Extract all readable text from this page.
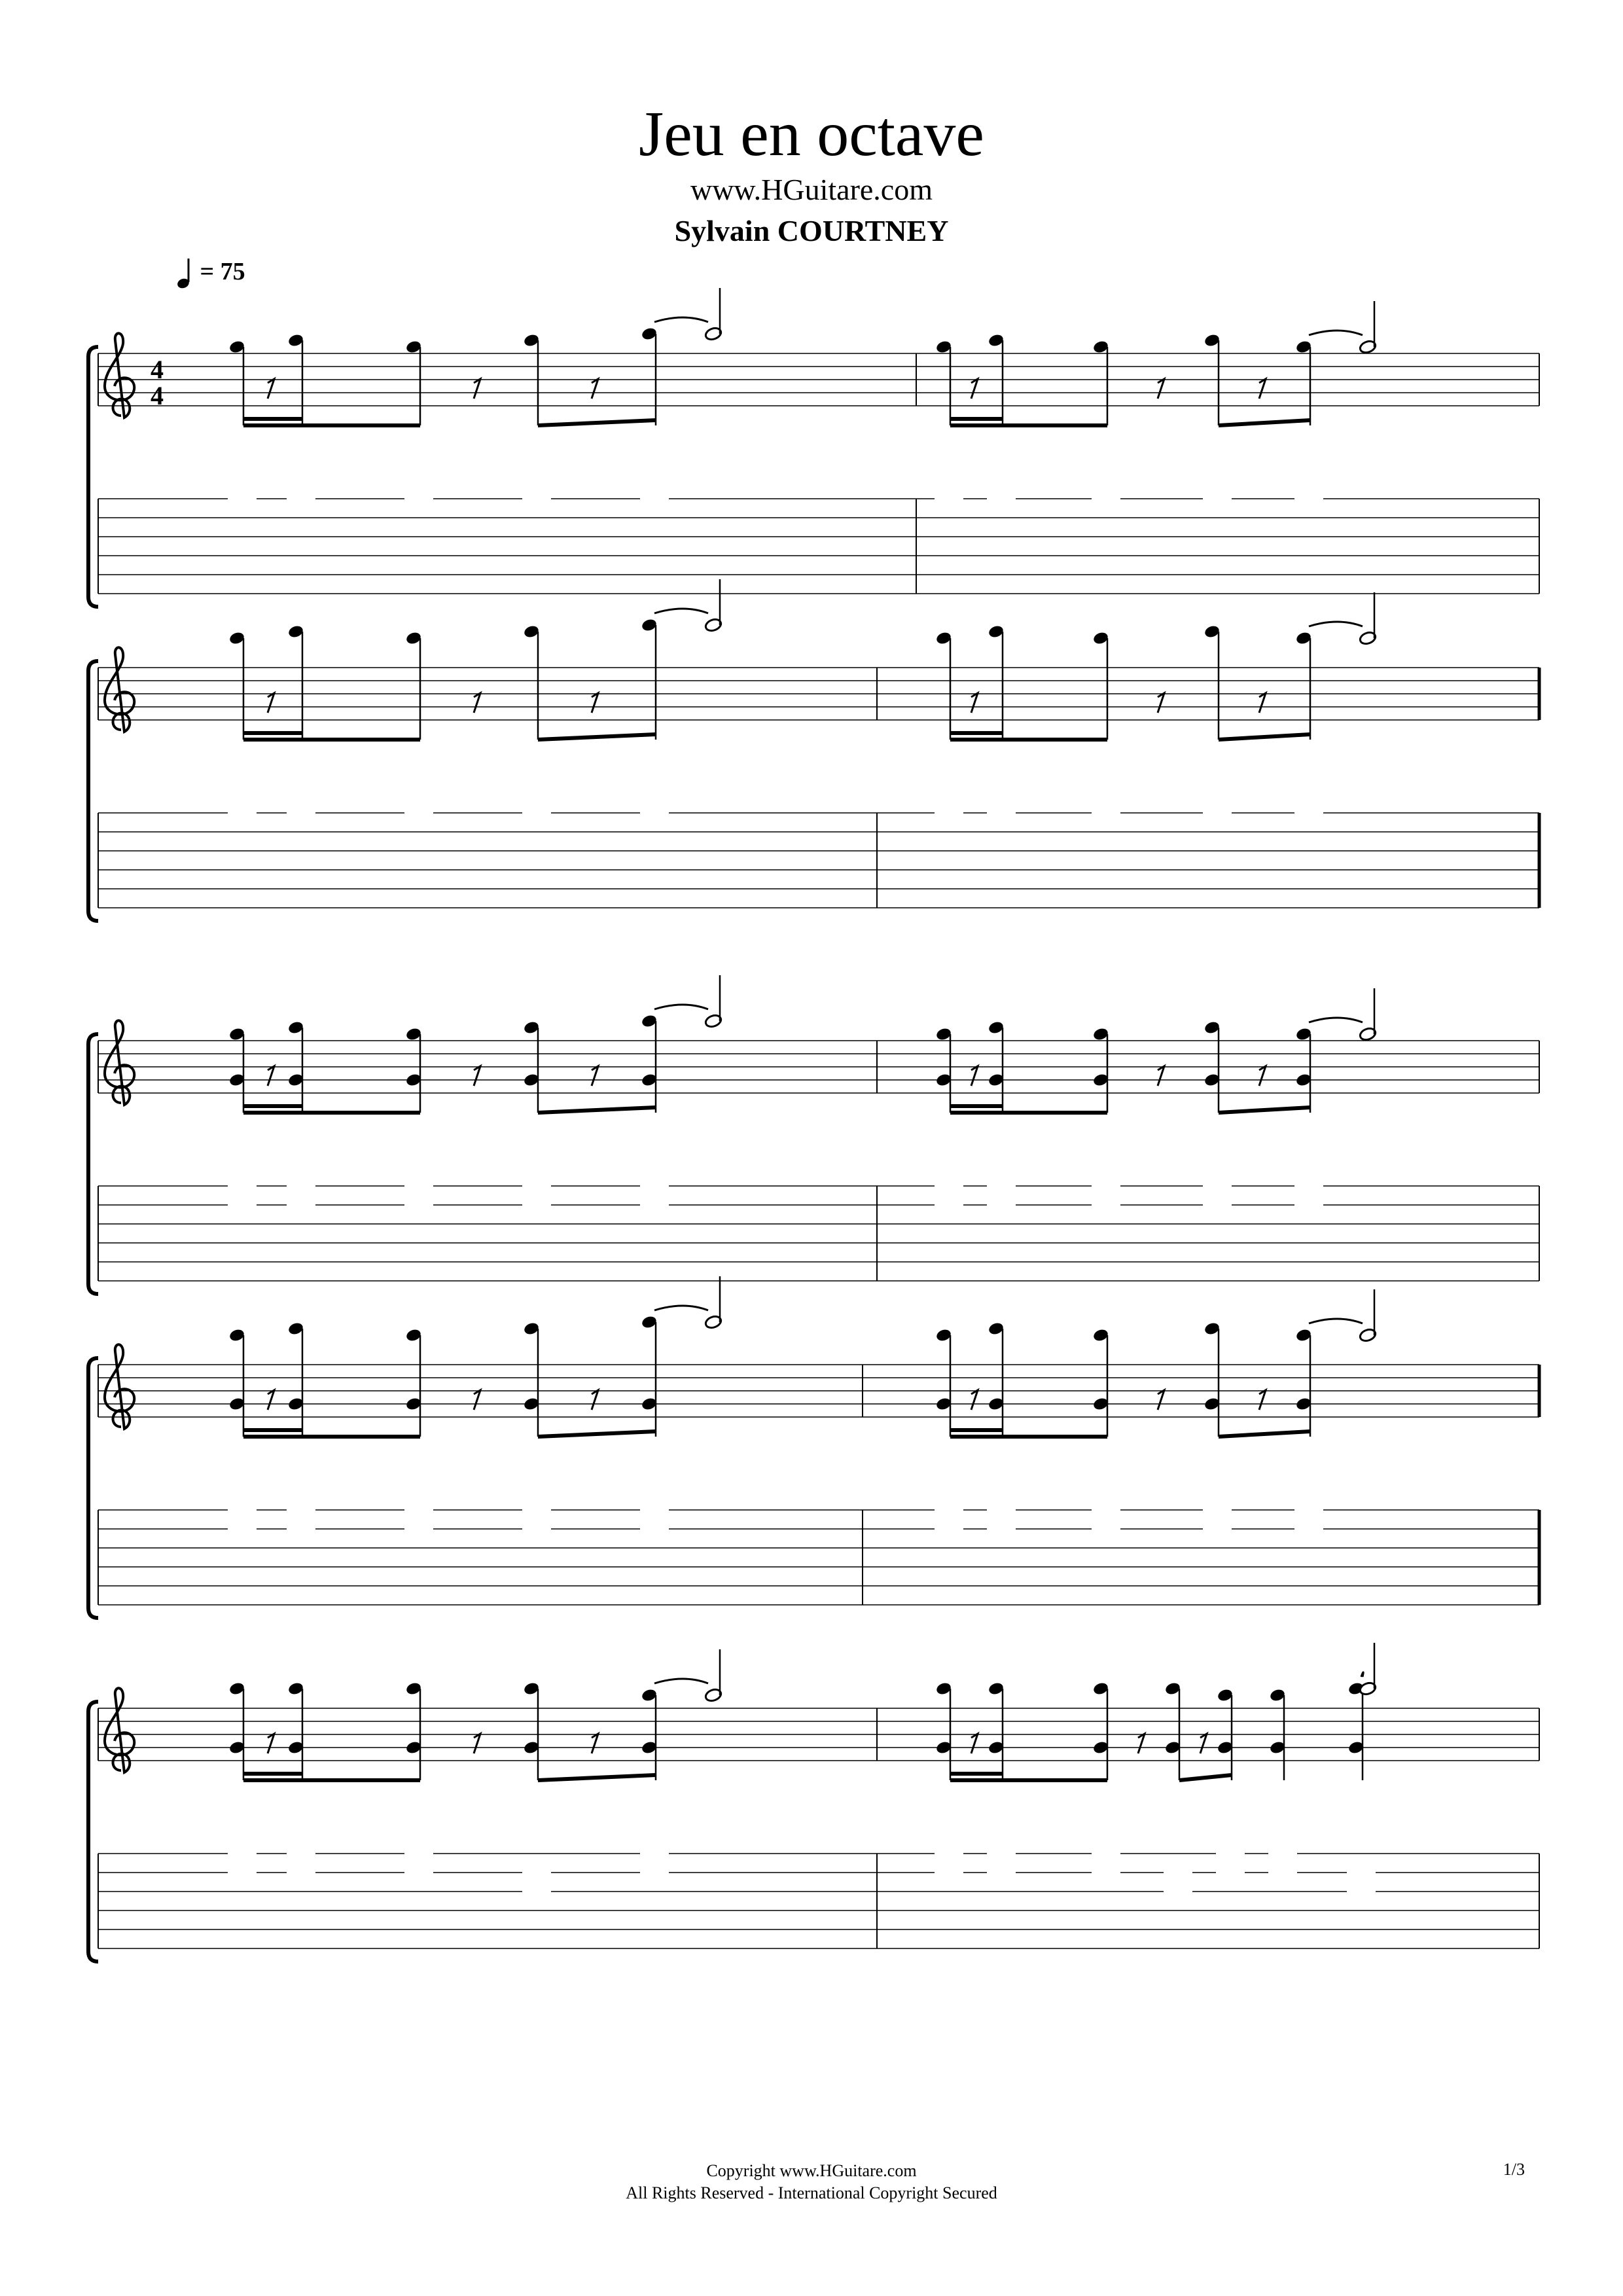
Jeu en octave
www.HGuitare.com
Sylvain COURTNEY
= 75
4
4
Copyright www.HGuitare.com
All Rights Reserved - International Copyright Secured
1/3
